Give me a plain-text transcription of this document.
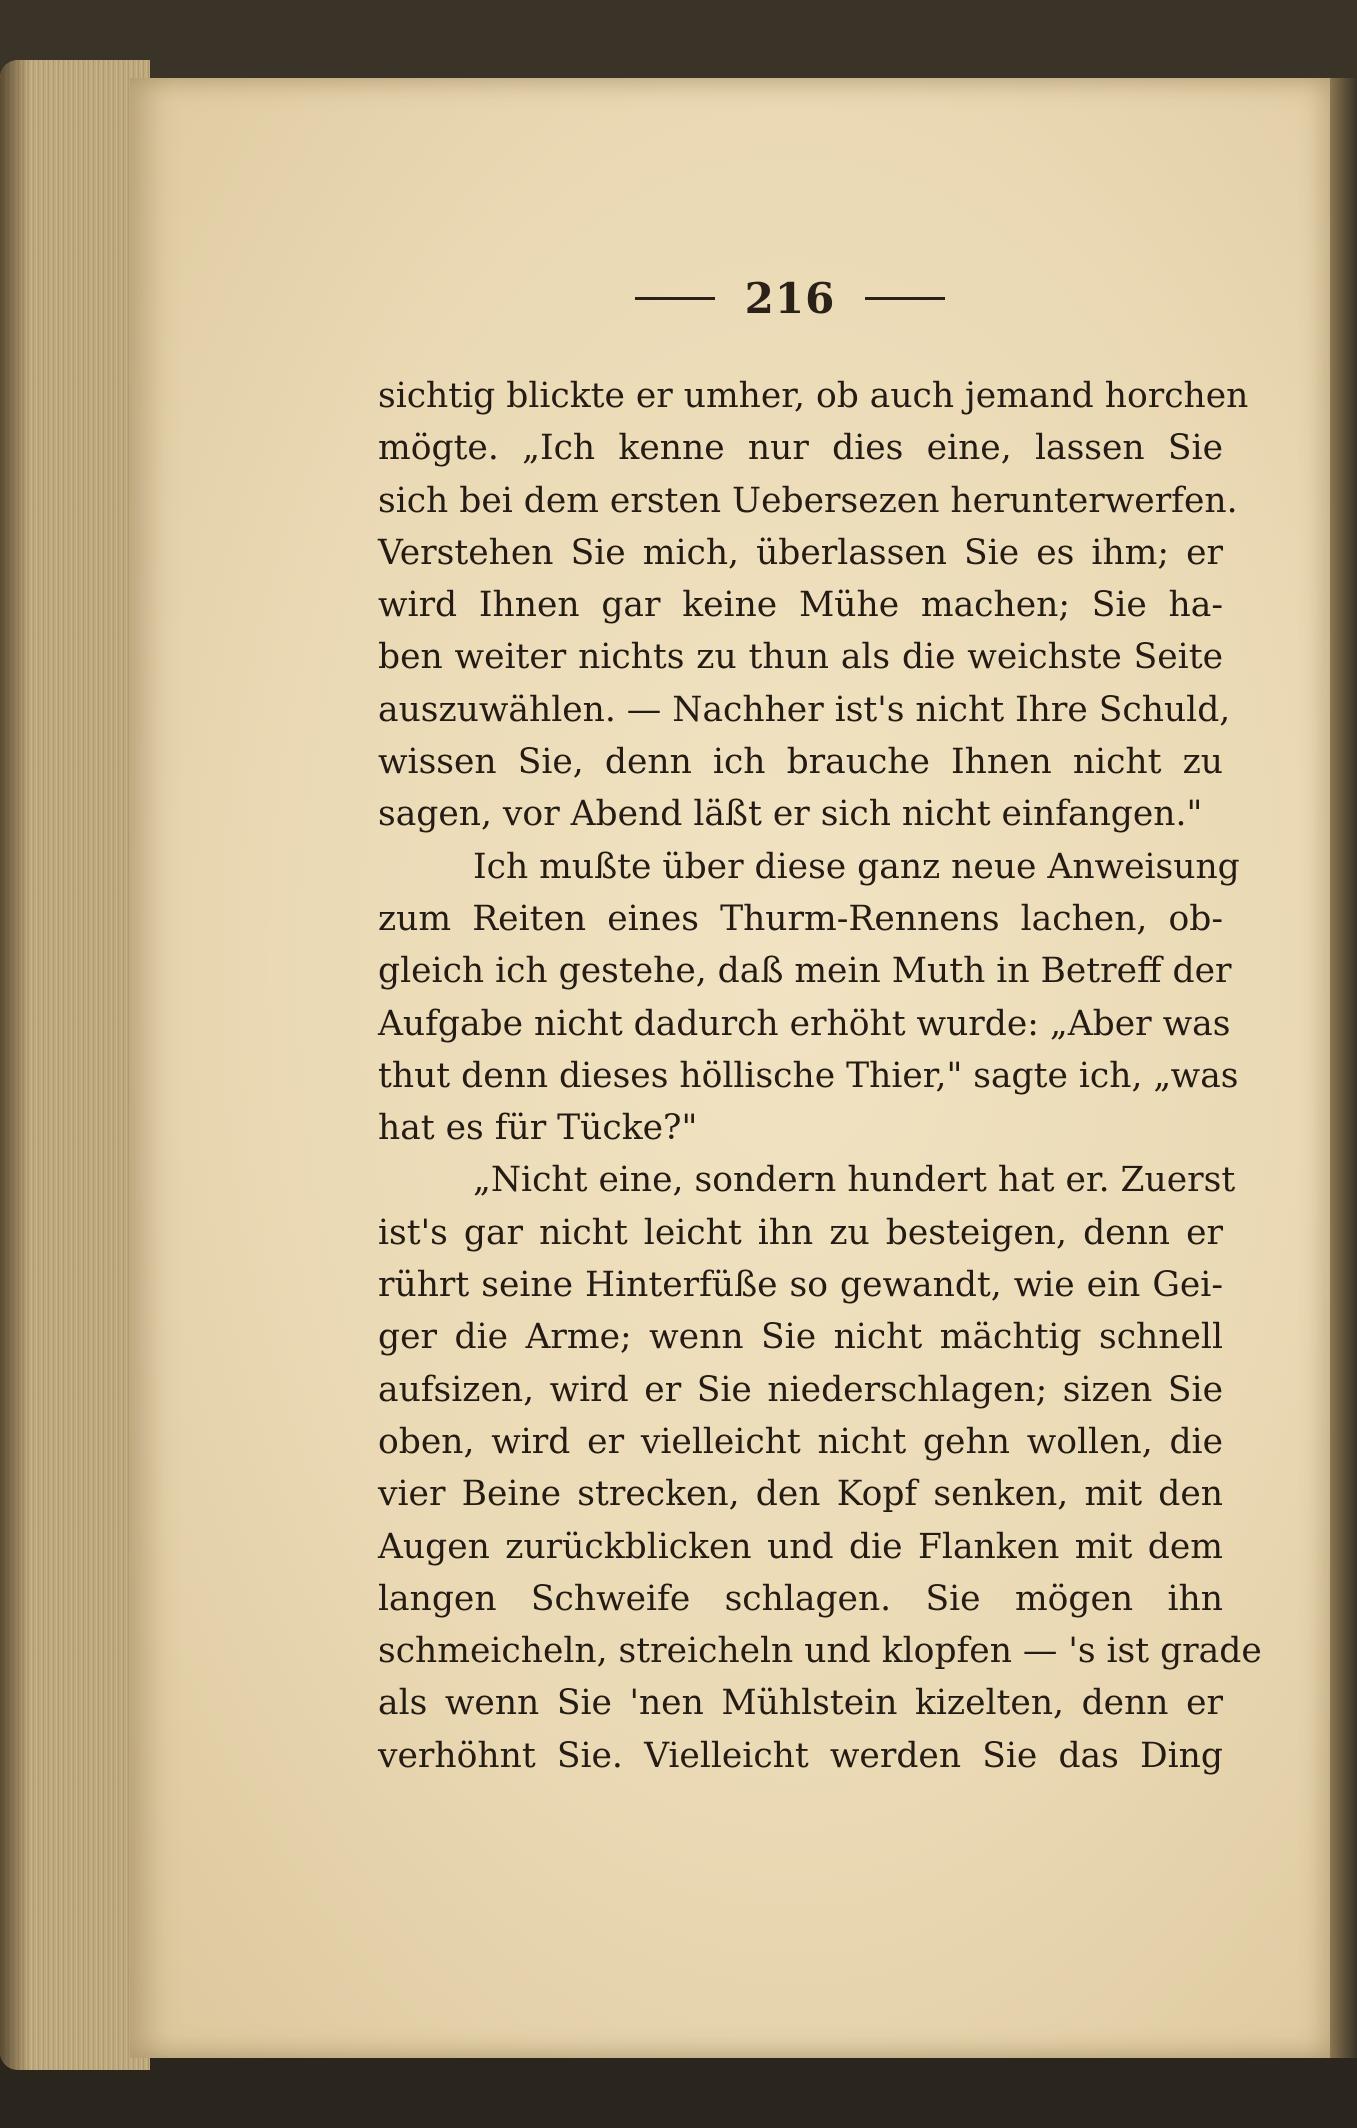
216
sichtig blickte er umher, ob auch jemand horchen
mögte. „Ich kenne nur dies eine, lassen Sie
sich bei dem ersten Uebersezen herunterwerfen.
Verstehen Sie mich, überlassen Sie es ihm; er
wird Ihnen gar keine Mühe machen; Sie ha-
ben weiter nichts zu thun als die weichste Seite
auszuwählen. — Nachher ist's nicht Ihre Schuld,
wissen Sie, denn ich brauche Ihnen nicht zu
sagen, vor Abend läßt er sich nicht einfangen."
Ich mußte über diese ganz neue Anweisung
zum Reiten eines Thurm-Rennens lachen, ob-
gleich ich gestehe, daß mein Muth in Betreff der
Aufgabe nicht dadurch erhöht wurde: „Aber was
thut denn dieses höllische Thier," sagte ich, „was
hat es für Tücke?"
„Nicht eine, sondern hundert hat er. Zuerst
ist's gar nicht leicht ihn zu besteigen, denn er
rührt seine Hinterfüße so gewandt, wie ein Gei-
ger die Arme; wenn Sie nicht mächtig schnell
aufsizen, wird er Sie niederschlagen; sizen Sie
oben, wird er vielleicht nicht gehn wollen, die
vier Beine strecken, den Kopf senken, mit den
Augen zurückblicken und die Flanken mit dem
langen Schweife schlagen. Sie mögen ihn
schmeicheln, streicheln und klopfen — 's ist grade
als wenn Sie 'nen Mühlstein kizelten, denn er
verhöhnt Sie. Vielleicht werden Sie das Ding
